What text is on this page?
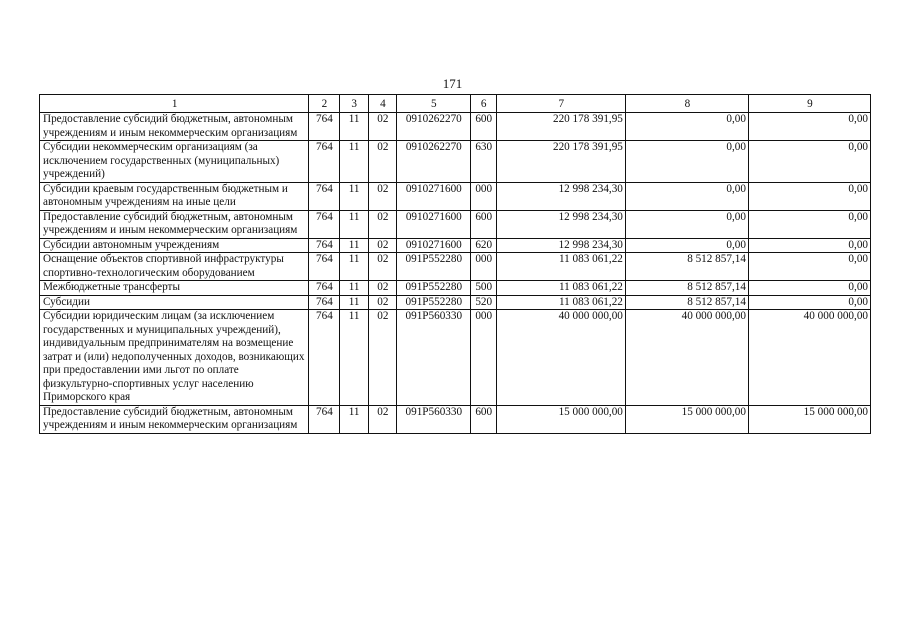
171
1	2	3	4	5	6	7	8	9
Предоставление субсидий бюджетным, автономным учреждениям и иным некоммерческим организациям	764	11	02	0910262270	600	220 178 391,95	0,00	0,00
Субсидии некоммерческим организациям (за исключением государственных (муниципальных) учреждений)	764	11	02	0910262270	630	220 178 391,95	0,00	0,00
Субсидии краевым государственным бюджетным и автономным учреждениям на иные цели	764	11	02	0910271600	000	12 998 234,30	0,00	0,00
Предоставление субсидий бюджетным, автономным учреждениям и иным некоммерческим организациям	764	11	02	0910271600	600	12 998 234,30	0,00	0,00
Субсидии автономным учреждениям	764	11	02	0910271600	620	12 998 234,30	0,00	0,00
Оснащение объектов спортивной инфраструктуры спортивно-технологическим оборудованием	764	11	02	091P552280	000	11 083 061,22	8 512 857,14	0,00
Межбюджетные трансферты	764	11	02	091P552280	500	11 083 061,22	8 512 857,14	0,00
Субсидии	764	11	02	091P552280	520	11 083 061,22	8 512 857,14	0,00
Субсидии юридическим лицам (за исключением государственных и муниципальных учреждений), индивидуальным предпринимателям на возмещение затрат и (или) недополученных доходов, возникающих при предоставлении ими льгот по оплате физкультурно-спортивных услуг населению Приморского края	764	11	02	091P560330	000	40 000 000,00	40 000 000,00	40 000 000,00
Предоставление субсидий бюджетным, автономным учреждениям и иным некоммерческим организациям	764	11	02	091P560330	600	15 000 000,00	15 000 000,00	15 000 000,00
